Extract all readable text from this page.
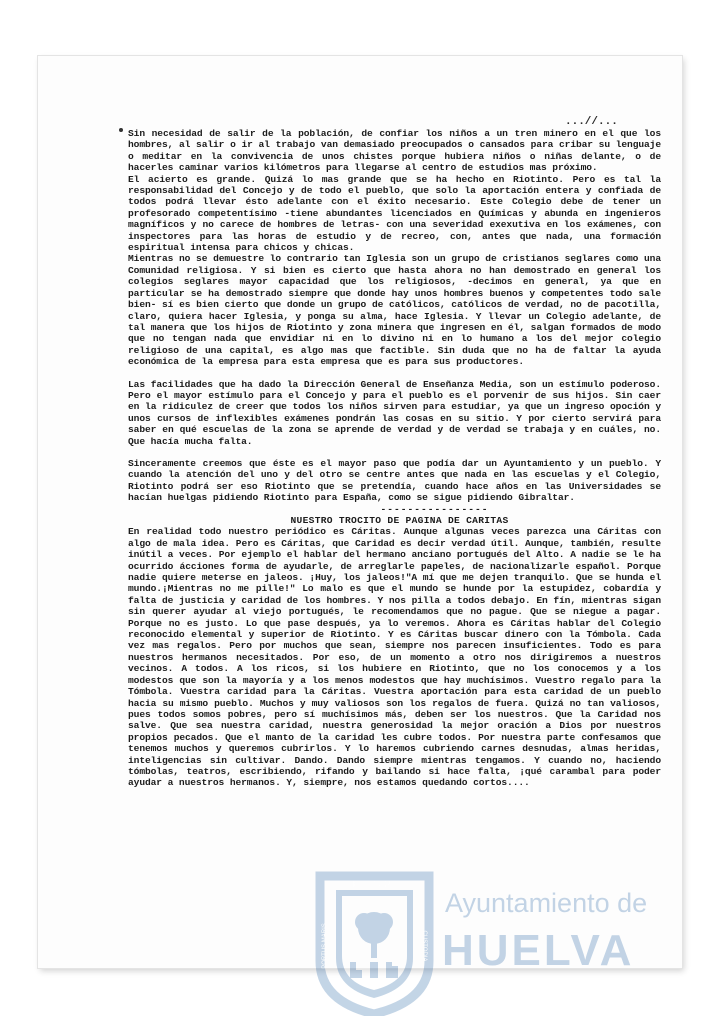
...//...

Sin necesidad de salir de la población, de confiar los niños a un tren minero en el que los hombres, al salir o ir al trabajo van demasiado preocupados o cansados para cribar su lenguaje o meditar en la convivencia de unos chistes porque hubiera niños o niñas delante, o de hacerles caminar varios kilómetros para llegarse al centro de estudios mas próximo.

El acierto es grande. Quizá lo mas grande que se ha hecho en Riotinto. Pero es tal la responsabilidad del Concejo y de todo el pueblo, que solo la aportación entera y confiada de todos podrá llevar ésto adelante con el éxito necesario. Este Colegio debe de tener un profesorado competentísimo -tiene abundantes licenciados en Químicas y abunda en ingenieros magníficos y no carece de hombres de letras- con una severidad exexutiva en los exámenes, con inspectores para las horas de estudio y de recreo, con, antes que nada, una formación espiritual intensa para chicos y chicas.

Mientras no se demuestre lo contrario tan Iglesia son un grupo de cristianos seglares como una Comunidad religiosa. Y si bien es cierto que hasta ahora no han demostrado en general los colegios seglares mayor capacidad que los religiosos, -decimos en general, ya que en particular se ha demostrado siempre que donde hay unos hombres buenos y competentes todo sale bien- sí es bien cierto que donde un grupo de católicos, católicos de verdad, no de pacotilla, claro, quiera hacer Iglesia, y ponga su alma, hace Iglesia. Y llevar un Colegio adelante, de tal manera que los hijos de Riotinto y zona minera que ingresen en él, salgan formados de modo que no tengan nada que envidiar ni en lo divino ni en lo humano a los del mejor colegio religioso de una capital, es algo mas que factible. Sin duda que no ha de faltar la ayuda económica de la empresa para esta empresa que es para sus productores.

Las facilidades que ha dado la Dirección General de Enseñanza Media, son un estímulo poderoso. Pero el mayor estímulo para el Concejo y para el pueblo es el porvenir de sus hijos. Sin caer en la ridiculez de creer que todos los niños sirven para estudiar, ya que un ingreso opoción y unos cursos de inflexibles exámenes pondrán las cosas en su sitio. Y por cierto servirá para saber en qué escuelas de la zona se aprende de verdad y de verdad se trabaja y en cuáles, no. Que hacía mucha falta.

Sinceramente creemos que éste es el mayor paso que podía dar un Ayuntamiento y un pueblo. Y cuando la atención del uno y del otro se centre antes que nada en las escuelas y el Colegio, Riotinto podrá ser eso Riotinto que se pretendía, cuando hace años en las Universidades se hacían huelgas pidiendo Riotinto para España, como se sigue pidiendo Gibraltar.

----------------
NUESTRO TROCITO DE PAGINA DE CARITAS

En realidad todo nuestro periódico es Cáritas. Aunque algunas veces parezca una Cáritas con algo de mala idea. Pero es Cáritas, que Caridad es decir verdad útil. Aunque, también, resulte inútil a veces. Por ejemplo el hablar del hermano anciano portugués del Alto. A nadie se le ha ocurrido ácciones forma de ayudarle, de arreglarle papeles, de nacionalizarle español. Porque nadie quiere meterse en jaleos. ¡Huy, los jaleos!"A mí que me dejen tranquilo. Que se hunda el mundo.¡Mientras no me pille!" Lo malo es que el mundo se hunde por la estupidez, cobardía y falta de justicia y caridad de los hombres. Y nos pilla a todos debajo. En fín, mientras sigan sin querer ayudar al viejo portugués, le recomendamos que no pague. Que se niegue a pagar. Porque no es justo. Lo que pase después, ya lo veremos. Ahora es Cáritas hablar del Colegio reconocido elemental y superior de Riotinto. Y es Cáritas buscar dinero con la Tómbola. Cada vez mas regalos. Pero por muchos que sean, siempre nos parecen insuficientes. Todo es para nuestros hermanos necesitados. Por eso, de un momento a otro nos dirigiremos a nuestros vecinos. A todos. A los ricos, si los hubiere en Riotinto, que no los conocemos y a los modestos que son la mayoría y a los menos modestos que hay muchísimos. Vuestro regalo para la Tómbola. Vuestra caridad para la Cáritas. Vuestra aportación para esta caridad de un pueblo hacia su mismo pueblo. Muchos y muy valiosos son los regalos de fuera. Quizá no tan valiosos, pues todos somos pobres, pero sí muchísimos más, deben ser los nuestros. Que la Caridad nos salve. Que sea nuestra caridad, nuestra generosidad la mejor oración a Dios por nuestros propios pecados. Que el manto de la caridad les cubre todos. Por nuestra parte confesamos que tenemos muchos y queremos cubrirlos. Y lo haremos cubriendo carnes desnudas, almas heridas, inteligencias sin cultivar. Dando. Dando siempre mientras tengamos. Y cuando no, haciendo tómbolas, teatros, escribiendo, rifando y bailando si hace falta, ¡qué carambal para poder ayudar a nuestros hermanos. Y, siempre, nos estamos quedando cortos....

ET TERRÆ
PORTUS MARIS	CUSTODIA
Ayuntamiento de
HUELVA
